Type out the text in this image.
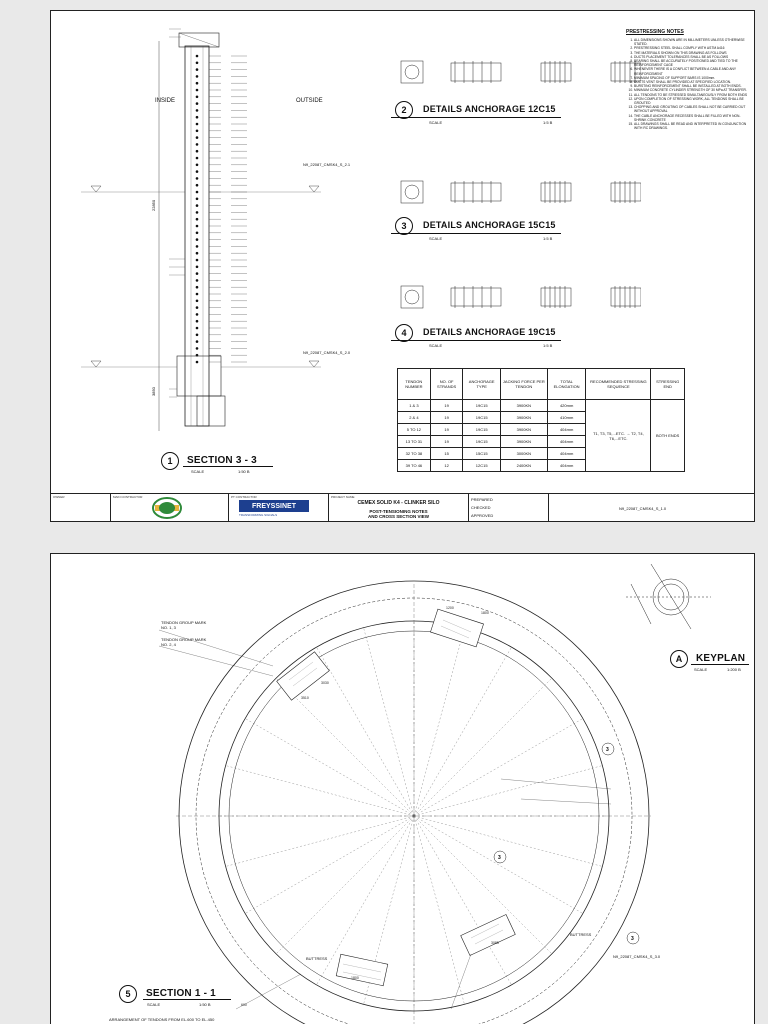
22850
3850
INSIDE	OUTSIDE
N9_22087_CMSK4_S_2.1
N9_22087_CMSK4_S_2.0
1	SECTION 3 - 3
SCALE	1:50 B
2	DETAILS ANCHORAGE 12C15
SCALE	1:5 B
3	DETAILS ANCHORAGE 15C15
SCALE	1:5 B
4	DETAILS ANCHORAGE 19C15
SCALE	1:5 B
PRESTRESSING NOTES
1. ALL DIMENSIONS SHOWN ARE IN MILLIMETERS UNLESS OTHERWISE STATED.
2. PRESTRESSING STEEL SHALL COMPLY WITH ASTM A416
3. THE MATERIALS SHOWN ON THIS DRAWING AS FOLLOWS
4. DUCTS PLACEMENT TOLERANCES SHALL BE AS FOLLOWS
5. BEARING SHALL BE ACCURATELY POSITIONED AND TIED TO THE REINFORCEMENT CAGE
6. WHENEVER THERE IS A CONFLICT BETWEEN A CABLE AND ANY REINFORCEMENT
7. MINIMUM SPACING OF SUPPORT BARS IS 1000mm.
8. DUCTS VENT SHALL BE PROVIDED AT SPECIFIED LOCATION.
9. BURSTING REINFORCEMENT SHALL BE INSTALLED AT BOTH ENDS.
10. MINIMUM CONCRETE CYLINDER STRENGTH OF 30 MPa AT TRANSFER.
11. ALL TENDONS TO BE STRESSED SIMULTANEOUSLY FROM BOTH ENDS
12. UPON COMPLETION OF STRESSING WORK, ALL TENDONS SHALL BE GROUTED
13. CHOPPING AND GROUTING OF CABLES SHALL NOT BE CARRIED OUT WITHOUT APPROVAL
14. THE CABLE ANCHORAGE RECESSES SHALL BE FILLED WITH NON-SHRINK CONCRETE
15. ALL DRAWINGS SHALL BE READ AND INTERPRETED IN CONJUNCTION WITH RC DRAWINGS.
TENDON NUMBER	NO. OF STRANDS	ANCHORAGE TYPE	JACKING FORCE PER TENDON	TOTAL ELONGATION	RECOMMENDED STRESSING SEQUENCE	STRESSING END
1 & 3	19	19C15	3900KN	420mm	T1, T3, T5,...ETC. → T2, T4, T6,...ETC.	BOTH ENDS
2 & 4	19	19C15	3900KN	410mm		
5 TO 12	19	19C15	3900KN	404mm		
13 TO 31	19	19C15	3900KN	404mm		
32 TO 38	15	15C15	3000KN	404mm		
39 TO 46	12	12C15	2400KN	404mm		
OWNER	MAIN CONTRACTOR	PT CONTRACTOR
FREYSSINET
TRANSFORMING SIGNALS
PROJECT NAME
CEMEX SOLID K4 - CLINKER SILO
POST-TENSIONING NOTES
AND CROSS SECTION VIEW
PREPARED
CHECKED
APPROVED
N9_22087_CMSK4_S_1.0
3
3
3
1200
1800
3030
3510
3085
1800
600
TENDON GROUP MARK
NO. 1, 3
TENDON GROUP MARK
NO. 2, 4
BUTTRESS
BUTTRESS
N9_22087_CMSK4_S_3.0
A	KEYPLAN
SCALE	1:200 B
5	SECTION 1 - 1
SCALE	1:50 B
ARRANGEMENT OF TENDONS FROM EL.600 TO EL.450
